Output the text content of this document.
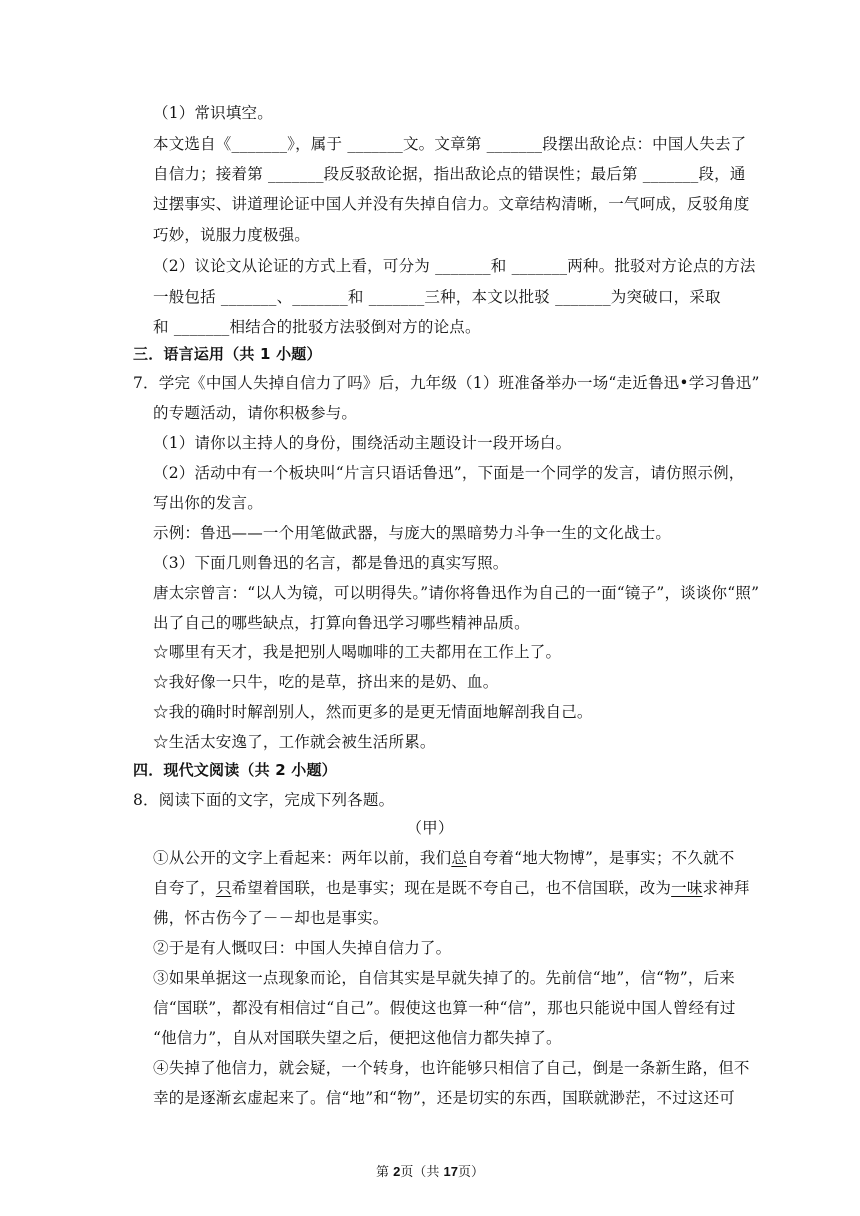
（1）常识填空。
本文选自《_______》，属于 _______文。文章第 _______段摆出敌论点：中国人失去了
自信力；接着第 _______段反驳敌论据，指出敌论点的错误性；最后第 _______段，通
过摆事实、讲道理论证中国人并没有失掉自信力。文章结构清晰，一气呵成，反驳角度
巧妙，说服力度极强。
（2）议论文从论证的方式上看，可分为 _______和 _______两种。批驳对方论点的方法
一般包括 _______、_______和 _______三种，本文以批驳 _______为突破口，采取
和 _______相结合的批驳方法驳倒对方的论点。
三．语言运用（共 1 小题）
7．学完《中国人失掉自信力了吗》后，九年级（1）班准备举办一场“走近鲁迅•学习鲁迅”
的专题活动，请你积极参与。
（1）请你以主持人的身份，围绕活动主题设计一段开场白。
（2）活动中有一个板块叫“片言只语话鲁迅”，下面是一个同学的发言，请仿照示例，
写出你的发言。
示例：鲁迅——一个用笔做武器，与庞大的黑暗势力斗争一生的文化战士。
（3）下面几则鲁迅的名言，都是鲁迅的真实写照。
唐太宗曾言：“以人为镜，可以明得失。”请你将鲁迅作为自己的一面“镜子”，谈谈你“照”
出了自己的哪些缺点，打算向鲁迅学习哪些精神品质。
☆哪里有天才，我是把别人喝咖啡的工夫都用在工作上了。
☆我好像一只牛，吃的是草，挤出来的是奶、血。
☆我的确时时解剖别人，然而更多的是更无情面地解剖我自己。
☆生活太安逸了，工作就会被生活所累。
四．现代文阅读（共 2 小题）
8．阅读下面的文字，完成下列各题。
（甲）
①从公开的文字上看起来：两年以前，我们总自夸着“地大物博”，是事实；不久就不
自夸了，只希望着国联，也是事实；现在是既不夸自己，也不信国联，改为一味求神拜
佛，怀古伤今了－－却也是事实。
②于是有人慨叹曰：中国人失掉自信力了。
③如果单据这一点现象而论，自信其实是早就失掉了的。先前信“地”，信“物”，后来
信“国联”，都没有相信过“自己”。假使这也算一种“信”，那也只能说中国人曾经有过
“他信力”，自从对国联失望之后，便把这他信力都失掉了。
④失掉了他信力，就会疑，一个转身，也许能够只相信了自己，倒是一条新生路，但不
幸的是逐渐玄虚起来了。信“地”和“物”，还是切实的东西，国联就渺茫，不过这还可
第 2页（共 17页）
